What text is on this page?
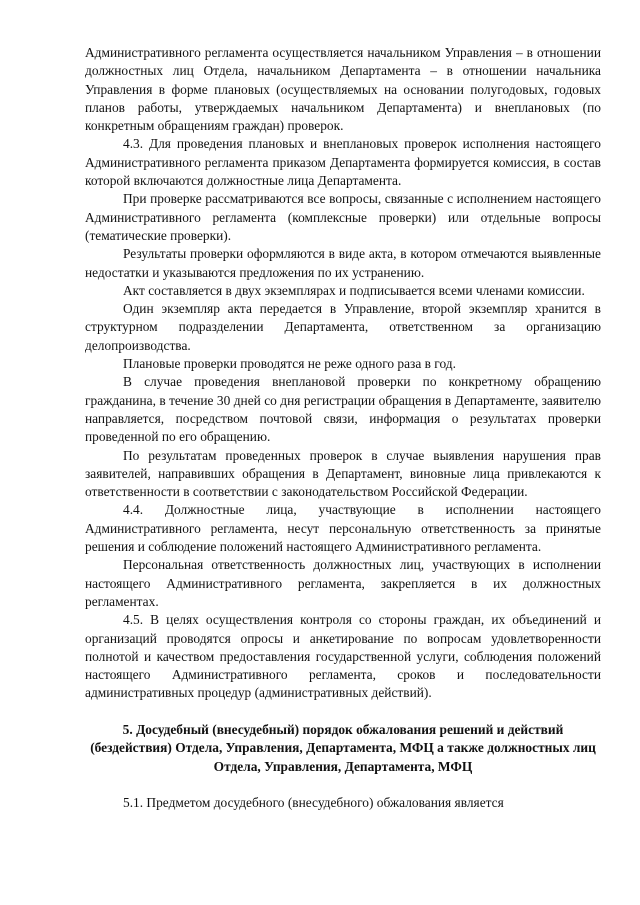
Административного регламента осуществляется начальником Управления – в отношении должностных лиц Отдела, начальником Департамента – в отношении начальника Управления в форме плановых (осуществляемых на основании полугодовых, годовых планов работы, утверждаемых начальником Департамента) и внеплановых (по конкретным обращениям граждан) проверок.

4.3. Для проведения плановых и внеплановых проверок исполнения настоящего Административного регламента приказом Департамента формируется комиссия, в состав которой включаются должностные лица Департамента.

При проверке рассматриваются все вопросы, связанные с исполнением настоящего Административного регламента (комплексные проверки) или отдельные вопросы (тематические проверки).

Результаты проверки оформляются в виде акта, в котором отмечаются выявленные недостатки и указываются предложения по их устранению.

Акт составляется в двух экземплярах и подписывается всеми членами комиссии.

Один экземпляр акта передается в Управление, второй экземпляр хранится в структурном подразделении Департамента, ответственном за организацию делопроизводства.

Плановые проверки проводятся не реже одного раза в год.

В случае проведения внеплановой проверки по конкретному обращению гражданина, в течение 30 дней со дня регистрации обращения в Департаменте, заявителю направляется, посредством почтовой связи, информация о результатах проверки проведенной по его обращению.

По результатам проведенных проверок в случае выявления нарушения прав заявителей, направивших обращения в Департамент, виновные лица привлекаются к ответственности в соответствии с законодательством Российской Федерации.

4.4. Должностные лица, участвующие в исполнении настоящего Административного регламента, несут персональную ответственность за принятые решения и соблюдение положений настоящего Административного регламента.

Персональная ответственность должностных лиц, участвующих в исполнении настоящего Административного регламента, закрепляется в их должностных регламентах.

4.5. В целях осуществления контроля со стороны граждан, их объединений и организаций проводятся опросы и анкетирование по вопросам удовлетворенности полнотой и качеством предоставления государственной услуги, соблюдения положений настоящего Административного регламента, сроков и последовательности административных процедур (административных действий).

5. Досудебный (внесудебный) порядок обжалования решений и действий (бездействия) Отдела, Управления, Департамента, МФЦ а также должностных лиц Отдела, Управления, Департамента, МФЦ

5.1. Предметом досудебного (внесудебного) обжалования является
